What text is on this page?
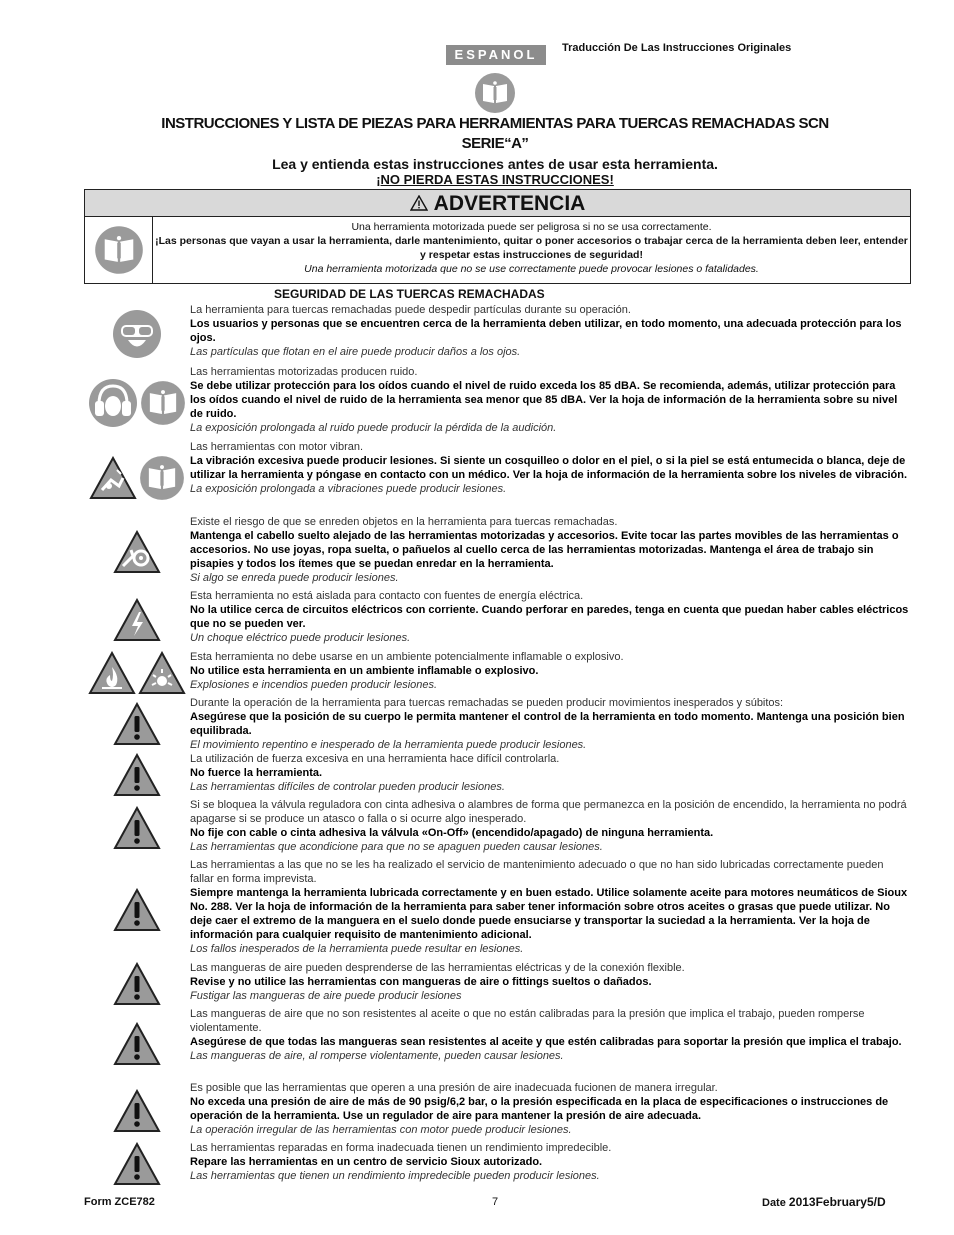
ESPANOL	Traducción De Las Instrucciones Originales
INSTRUCCIONES Y LISTA DE PIEZAS PARA HERRAMIENTAS PARA TUERCAS REMACHADAS SCN
SERIE“A”
Lea y entienda estas instrucciones antes de usar esta herramienta.
¡NO PIERDA ESTAS INSTRUCCIONES!
ADVERTENCIA
Una herramienta motorizada puede ser peligrosa si no se usa correctamente.
¡Las personas que vayan a usar la herramienta, darle mantenimiento, quitar o poner accesorios o trabajar cerca de la herramienta deben leer, entender y respetar estas instrucciones de seguridad!
Una herramienta motorizada que no se use correctamente puede provocar lesiones o fatalidades.
SEGURIDAD DE LAS TUERCAS REMACHADAS
La herramienta para tuercas remachadas puede despedir partículas durante su operación.
Los usuarios y personas que se encuentren cerca de la herramienta deben utilizar, en todo momento, una adecuada protección para los ojos.
Las partículas que flotan en el aire puede producir daños a los ojos.
Las herramientas motorizadas producen ruido.
Se debe utilizar protección para los oídos cuando el nivel de ruido exceda los 85 dBA. Se recomienda, además, utilizar protección para los oídos cuando el nivel de ruido de la herramienta sea menor que 85 dBA. Ver la hoja de información de la herramienta sobre su nivel de ruido.
La exposición prolongada al ruido puede producir la pérdida de la audición.
Las herramientas con motor vibran.
La vibración excesiva puede producir lesiones. Si siente un cosquilleo o dolor en el piel, o si la piel se está entumecida o blanca, deje de utilizar la herramienta y póngase en contacto con un médico. Ver la hoja de información de la herramienta sobre los niveles de vibración.
La exposición prolongada a vibraciones puede producir lesiones.
Existe el riesgo de que se enreden objetos en la herramienta para tuercas remachadas.
Mantenga el cabello suelto alejado de las herramientas motorizadas y accesorios. Evite tocar las partes movibles de las herramientas o accesorios. No use joyas, ropa suelta, o pañuelos al cuello cerca de las herramientas motorizadas. Mantenga el área de trabajo sin pisapies y todos los ítemes que se puedan enredar en la herramienta.
Si algo se enreda puede producir lesiones.
Esta herramienta no está aislada para contacto con fuentes de energía eléctrica.
No la utilice cerca de circuitos eléctricos con corriente. Cuando perforar en paredes, tenga en cuenta que puedan haber cables eléctricos que no se pueden ver.
Un choque eléctrico puede producir lesiones.
Esta herramienta no debe usarse en un ambiente potencialmente inflamable o explosivo.
No utilice esta herramienta en un ambiente inflamable o explosivo.
Explosiones e incendios pueden producir lesiones.
Durante la operación de la herramienta para tuercas remachadas se pueden producir movimientos inesperados y súbitos:
Asegúrese que la posición de su cuerpo le permita mantener el control de la herramienta en todo momento. Mantenga una posición bien equilibrada.
El movimiento repentino e inesperado de la herramienta puede producir lesiones.
La utilización de fuerza excesiva en una herramienta hace difícil controlarla.
No fuerce la herramienta.
Las herramientas difíciles de controlar pueden producir lesiones.
Si se bloquea la válvula reguladora con cinta adhesiva o alambres de forma que permanezca en la posición de encendido, la herramienta no podrá apagarse si se produce un atasco o falla o si ocurre algo inesperado.
No fije con cable o cinta adhesiva la válvula «On-Off» (encendido/apagado) de ninguna herramienta.
Las herramientas que acondicione para que no se apaguen pueden causar lesiones.
Las herramientas a las que no se les ha realizado el servicio de mantenimiento adecuado o que no han sido lubricadas correctamente pueden fallar en forma imprevista.
Siempre mantenga la herramienta lubricada correctamente y en buen estado. Utilice solamente aceite para motores neumáticos de Sioux No. 288. Ver la hoja de información de la herramienta para saber tener información sobre otros aceites o grasas que puede utilizar. No deje caer el extremo de la manguera en el suelo donde puede ensuciarse y transportar la suciedad a la herramienta. Ver la hoja de información para cualquier requisito de mantenimiento adicional.
Los fallos inesperados de la herramienta puede resultar en lesiones.
Las mangueras de aire pueden desprenderse de las herramientas eléctricas y de la conexión flexible.
Revise y no utilice las herramientas con mangueras de aire o fittings sueltos o dañados.
Fustigar las mangueras de aire puede producir lesiones
Las mangueras de aire que no son resistentes al aceite o que no están calibradas para la presión que implica el trabajo, pueden romperse violentamente.
Asegúrese de que todas las mangueras sean resistentes al aceite y que estén calibradas para soportar la presión que implica el trabajo.
Las mangueras de aire, al romperse violentamente, pueden causar lesiones.
Es posible que las herramientas que operen a una presión de aire inadecuada fucionen de manera irregular.
No exceda una presión de aire de más de 90 psig/6,2 bar, o la presión especificada en la placa de especificaciones o instrucciones de operación de la herramienta. Use un regulador de aire para mantener la presión de aire adecuada.
La operación irregular de las herramientas con motor puede producir lesiones.
Las herramientas reparadas en forma inadecuada tienen un rendimiento impredecible.
Repare las herramientas en un centro de servicio Sioux autorizado.
Las herramientas que tienen un rendimiento impredecible pueden producir lesiones.
Form ZCE782	7	Date 2013February5/D
